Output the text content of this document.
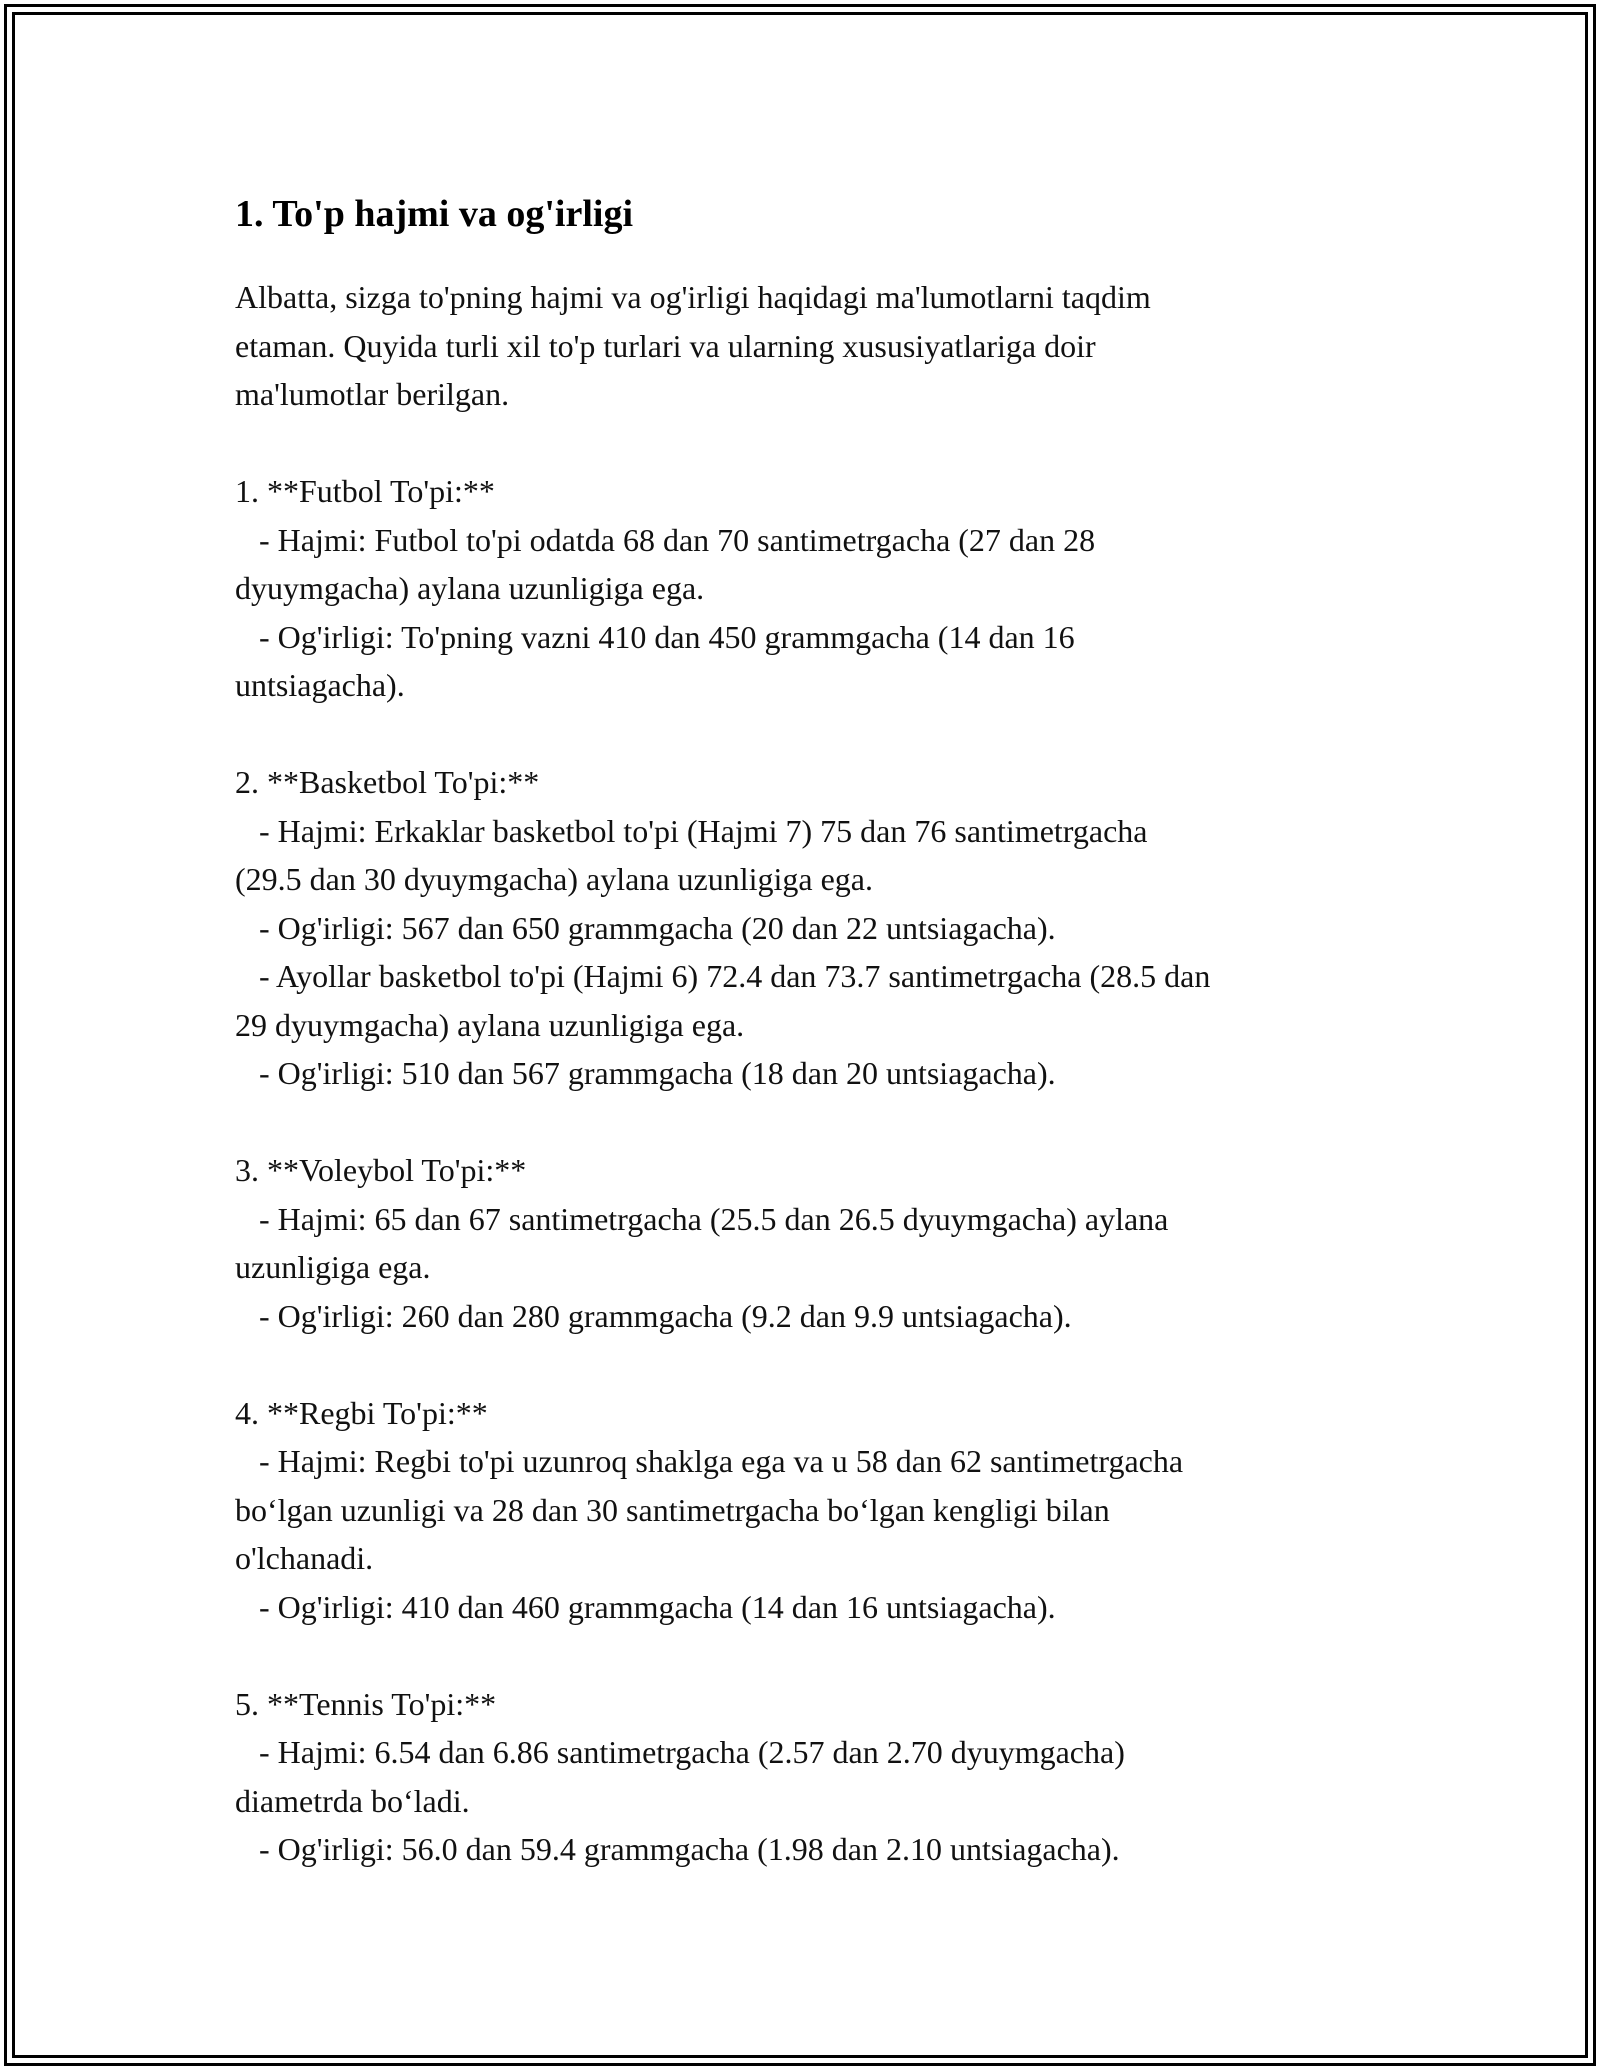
1. To'p hajmi va og'irligi

Albatta, sizga to'pning hajmi va og'irligi haqidagi ma'lumotlarni taqdim
etaman. Quyida turli xil to'p turlari va ularning xususiyatlariga doir
ma'lumotlar berilgan.

1. **Futbol To'pi:**

- Hajmi: Futbol to'pi odatda 68 dan 70 santimetrgacha (27 dan 28
dyuymgacha) aylana uzunligiga ega.
- Og'irligi: To'pning vazni 410 dan 450 grammgacha (14 dan 16
untsiagacha).

2. **Basketbol To'pi:**

- Hajmi: Erkaklar basketbol to'pi (Hajmi 7) 75 dan 76 santimetrgacha
(29.5 dan 30 dyuymgacha) aylana uzunligiga ega.
- Og'irligi: 567 dan 650 grammgacha (20 dan 22 untsiagacha).
- Ayollar basketbol to'pi (Hajmi 6) 72.4 dan 73.7 santimetrgacha (28.5 dan
29 dyuymgacha) aylana uzunligiga ega.
- Og'irligi: 510 dan 567 grammgacha (18 dan 20 untsiagacha).

3. **Voleybol To'pi:**

- Hajmi: 65 dan 67 santimetrgacha (25.5 dan 26.5 dyuymgacha) aylana
uzunligiga ega.
- Og'irligi: 260 dan 280 grammgacha (9.2 dan 9.9 untsiagacha).

4. **Regbi To'pi:**

- Hajmi: Regbi to'pi uzunroq shaklga ega va u 58 dan 62 santimetrgacha
bo‘lgan uzunligi va 28 dan 30 santimetrgacha bo‘lgan kengligi bilan
o'lchanadi.
- Og'irligi: 410 dan 460 grammgacha (14 dan 16 untsiagacha).

5. **Tennis To'pi:**

- Hajmi: 6.54 dan 6.86 santimetrgacha (2.57 dan 2.70 dyuymgacha)
diametrda bo‘ladi.
- Og'irligi: 56.0 dan 59.4 grammgacha (1.98 dan 2.10 untsiagacha).
